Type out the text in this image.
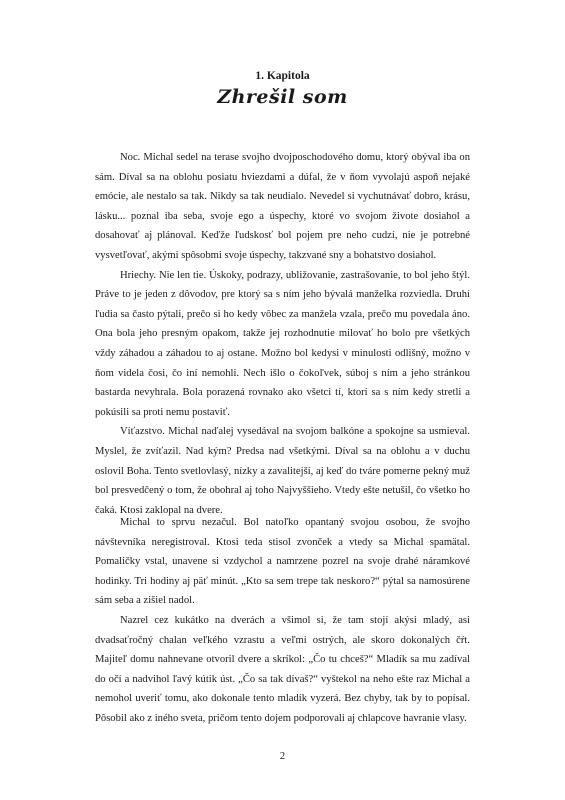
1. Kapitola
Zhrešil som

Noc. Michal sedel na terase svojho dvojposchodového domu, ktorý obýval iba on sám. Díval sa na oblohu posiatu hviezdami a dúfal, že v ňom vyvolajú aspoň nejaké emócie, ale nestalo sa tak. Nikdy sa tak neudialo. Nevedel si vychutnávať dobro, krásu, lásku... poznal iba seba, svoje ego a úspechy, ktoré vo svojom živote dosiahol a dosahovať aj plánoval. Keďže ľudskosť bol pojem pre neho cudzí, nie je potrebné vysvetľovať, akými spôsobmi svoje úspechy, takzvané sny a bohatstvo dosiahol.

Hriechy. Nie len tie. Úskoky, podrazy, ubližovanie, zastrašovanie, to bol jeho štýl. Práve to je jeden z dôvodov, pre ktorý sa s ním jeho bývalá manželka rozviedla. Druhí ľudia sa často pýtali, prečo si ho kedy vôbec za manžela vzala, prečo mu povedala áno. Ona bola jeho presným opakom, takže jej rozhodnutie milovať ho bolo pre všetkých vždy záhadou a záhadou to aj ostane. Možno bol kedysi v minulosti odlišný, možno v ňom videla čosi, čo iní nemohli. Nech išlo o čokoľvek, súboj s ním a jeho stránkou bastarda nevyhrala. Bola porazená rovnako ako všetci tí, ktorí sa s ním kedy stretli a pokúsili sa proti nemu postaviť.

Víťazstvo. Michal naďalej vysedával na svojom balkóne a spokojne sa usmieval. Myslel, že zvíťazil. Nad kým? Predsa nad všetkými. Díval sa na oblohu a v duchu oslovil Boha. Tento svetlovlasý, nízky a zavalitejší, aj keď do tváre pomerne pekný muž bol presvedčený o tom, že obohral aj toho Najvyššieho. Vtedy ešte netušil, čo všetko ho čaká. Ktosi zaklopal na dvere.

Michal to sprvu nezačul. Bol natoľko opantaný svojou osobou, že svojho návštevníka neregistroval. Ktosi teda stisol zvonček a vtedy sa Michal spamätal. Pomaličky vstal, unavene si vzdychol a namrzene pozrel na svoje drahé náramkové hodinky. Tri hodiny aj päť minút. „Kto sa sem trepe tak neskoro?“ pýtal sa namosúrene sám seba a zišiel nadol.

Nazrel cez kukátko na dverách a všimol si, že tam stojí akýsi mladý, asi dvadsaťročný chalan veľkého vzrastu a veľmi ostrých, ale skoro dokonalých čŕt. Majiteľ domu nahnevane otvoril dvere a skríkol: „Čo tu chceš?“ Mladík sa mu zadíval do očí a nadvihol ľavý kútik úst. „Čo sa tak dívaš?“ vyštekol na neho ešte raz Michal a nemohol uveriť tomu, ako dokonale tento mladík vyzerá. Bez chyby, tak by to popísal. Pôsobil ako z iného sveta, pričom tento dojem podporovali aj chlapcove havranie vlasy.

2
